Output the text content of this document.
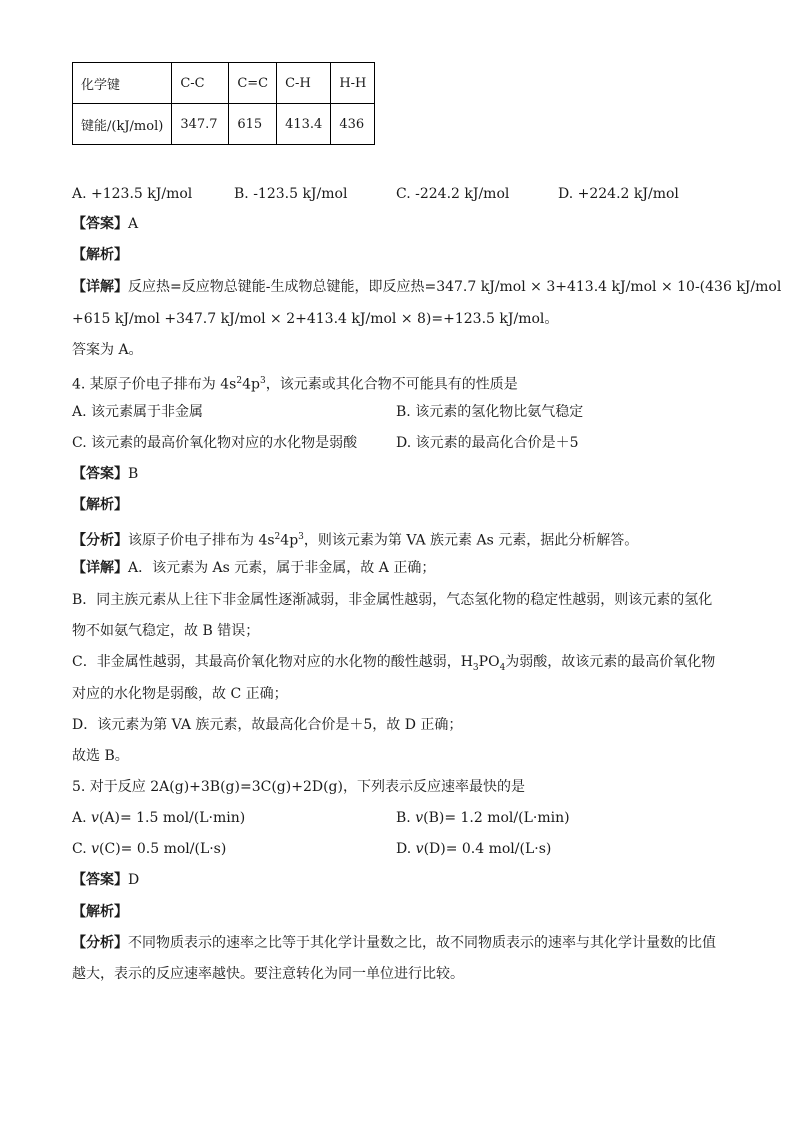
化学键	C-C	C=C	C-H	H-H
键能/(kJ/mol)	347.7	615	413.4	436
A. +123.5 kJ/mol	B. -123.5 kJ/mol	C. -224.2 kJ/mol	D. +224.2 kJ/mol
【答案】A
【解析】
【详解】反应热=反应物总键能-生成物总键能，即反应热=347.7 kJ/mol × 3+413.4 kJ/mol × 10-(436 kJ/mol
+615 kJ/mol +347.7 kJ/mol × 2+413.4 kJ/mol × 8)=+123.5 kJ/mol。
答案为 A。
4. 某原子价电子排布为 $4s^24p^3$，该元素或其化合物不可能具有的性质是
A. 该元素属于非金属	B. 该元素的氢化物比氨气稳定
C. 该元素的最高价氧化物对应的水化物是弱酸	D. 该元素的最高化合价是＋5
【答案】B
【解析】
【分析】该原子价电子排布为 $4s^24p^3$，则该元素为第 VA 族元素 As 元素，据此分析解答。
【详解】A．该元素为 As 元素，属于非金属，故 A 正确；
B．同主族元素从上往下非金属性逐渐减弱，非金属性越弱，气态氢化物的稳定性越弱，则该元素的氢化
物不如氨气稳定，故 B 错误；
C．非金属性越弱，其最高价氧化物对应的水化物的酸性越弱，$H_3PO_4$为弱酸，故该元素的最高价氧化物
对应的水化物是弱酸，故 C 正确；
D．该元素为第 VA 族元素，故最高化合价是＋5，故 D 正确；
故选 B。
5. 对于反应 2A(g)+3B(g)=3C(g)+2D(g)，下列表示反应速率最快的是
A. v(A)= 1.5 mol/(L·min)	B. v(B)= 1.2 mol/(L·min)
C. v(C)= 0.5 mol/(L·s)	D. v(D)= 0.4 mol/(L·s)
【答案】D
【解析】
【分析】不同物质表示的速率之比等于其化学计量数之比，故不同物质表示的速率与其化学计量数的比值
越大，表示的反应速率越快。要注意转化为同一单位进行比较。
